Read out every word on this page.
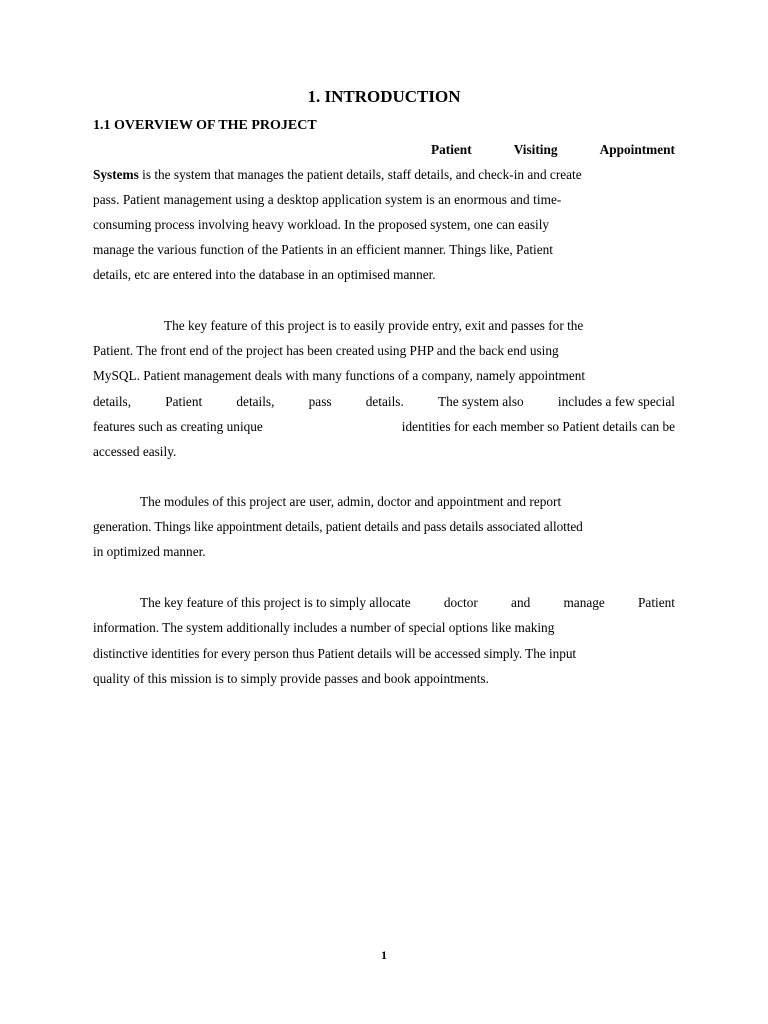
1. INTRODUCTION
1.1 OVERVIEW OF THE PROJECT
Patient	Visiting	Appointment
Systems is the system that manages the patient details, staff details, and check-in and create
pass. Patient management using a desktop application system is an enormous and time-
consuming process involving heavy workload. In the proposed system, one can easily
manage the various function of the Patients in an efficient manner. Things like, Patient
details, etc are entered into the database in an optimised manner.
The key feature of this project is to easily provide entry, exit and passes for the
Patient. The front end of the project has been created using PHP and the back end using
MySQL. Patient management deals with many functions of a company, namely appointment
details,	Patient	details,	pass	details.	The system also	includes a few special
features such as creating unique	identities for each member so Patient details can be
accessed easily.
The modules of this project are user, admin, doctor and appointment and report
generation. Things like appointment details, patient details and pass details associated allotted
in optimized manner.
The key feature of this project is to simply allocate doctor and manage Patient
information. The system additionally includes a number of special options like making
distinctive identities for every person thus Patient details will be accessed simply. The input
quality of this mission is to simply provide passes and book appointments.
1
